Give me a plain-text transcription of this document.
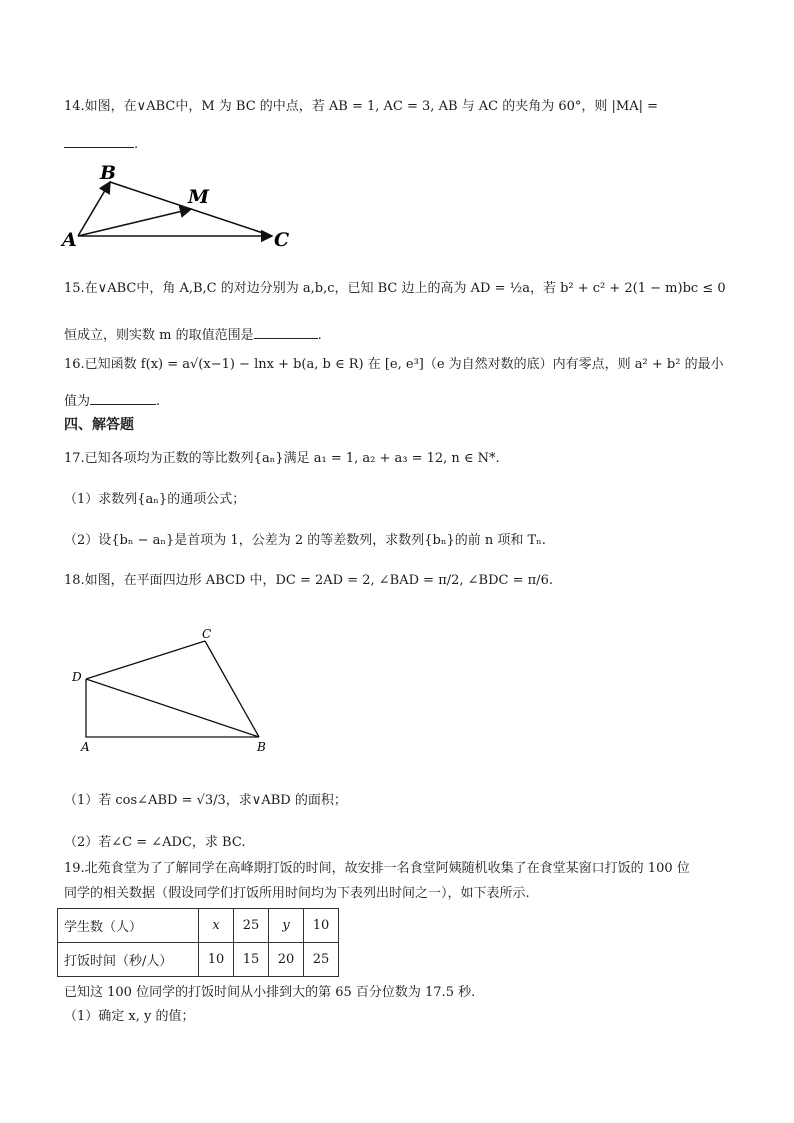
14.如图，在∨ABC中，M 为 BC 的中点，若 AB = 1, AC = 3, AB 与 AC 的夹角为 60°，则 |MA| =
.
B
M
A	C
15.在∨ABC中，角 A,B,C 的对边分别为 a,b,c，已知 BC 边上的高为 AD = ½a，若 b² + c² + 2(1 − m)bc ≤ 0
恒成立，则实数 m 的取值范围是	.
16.已知函数 f(x) = a√(x−1) − lnx + b(a, b ∈ R) 在 [e, e³]（e 为自然对数的底）内有零点，则 a² + b² 的最小
值为	.
四、解答题
17.已知各项均为正数的等比数列{aₙ}满足 a₁ = 1, a₂ + a₃ = 12, n ∈ N*.
（1）求数列{aₙ}的通项公式；
（2）设{bₙ − aₙ}是首项为 1，公差为 2 的等差数列，求数列{bₙ}的前 n 项和 Tₙ.
18.如图，在平面四边形 ABCD 中，DC = 2AD = 2, ∠BAD = π/2, ∠BDC = π/6.
C
D
A	B
（1）若 cos∠ABD = √3/3，求∨ABD 的面积；
（2）若∠C = ∠ADC，求 BC.
19.北苑食堂为了了解同学在高峰期打饭的时间，故安排一名食堂阿姨随机收集了在食堂某窗口打饭的 100 位
同学的相关数据（假设同学们打饭所用时间均为下表列出时间之一），如下表所示.
学生数（人）	x	25	y	10
打饭时间（秒/人）	10	15	20	25
已知这 100 位同学的打饭时间从小排到大的第 65 百分位数为 17.5 秒.
（1）确定 x, y 的值；
